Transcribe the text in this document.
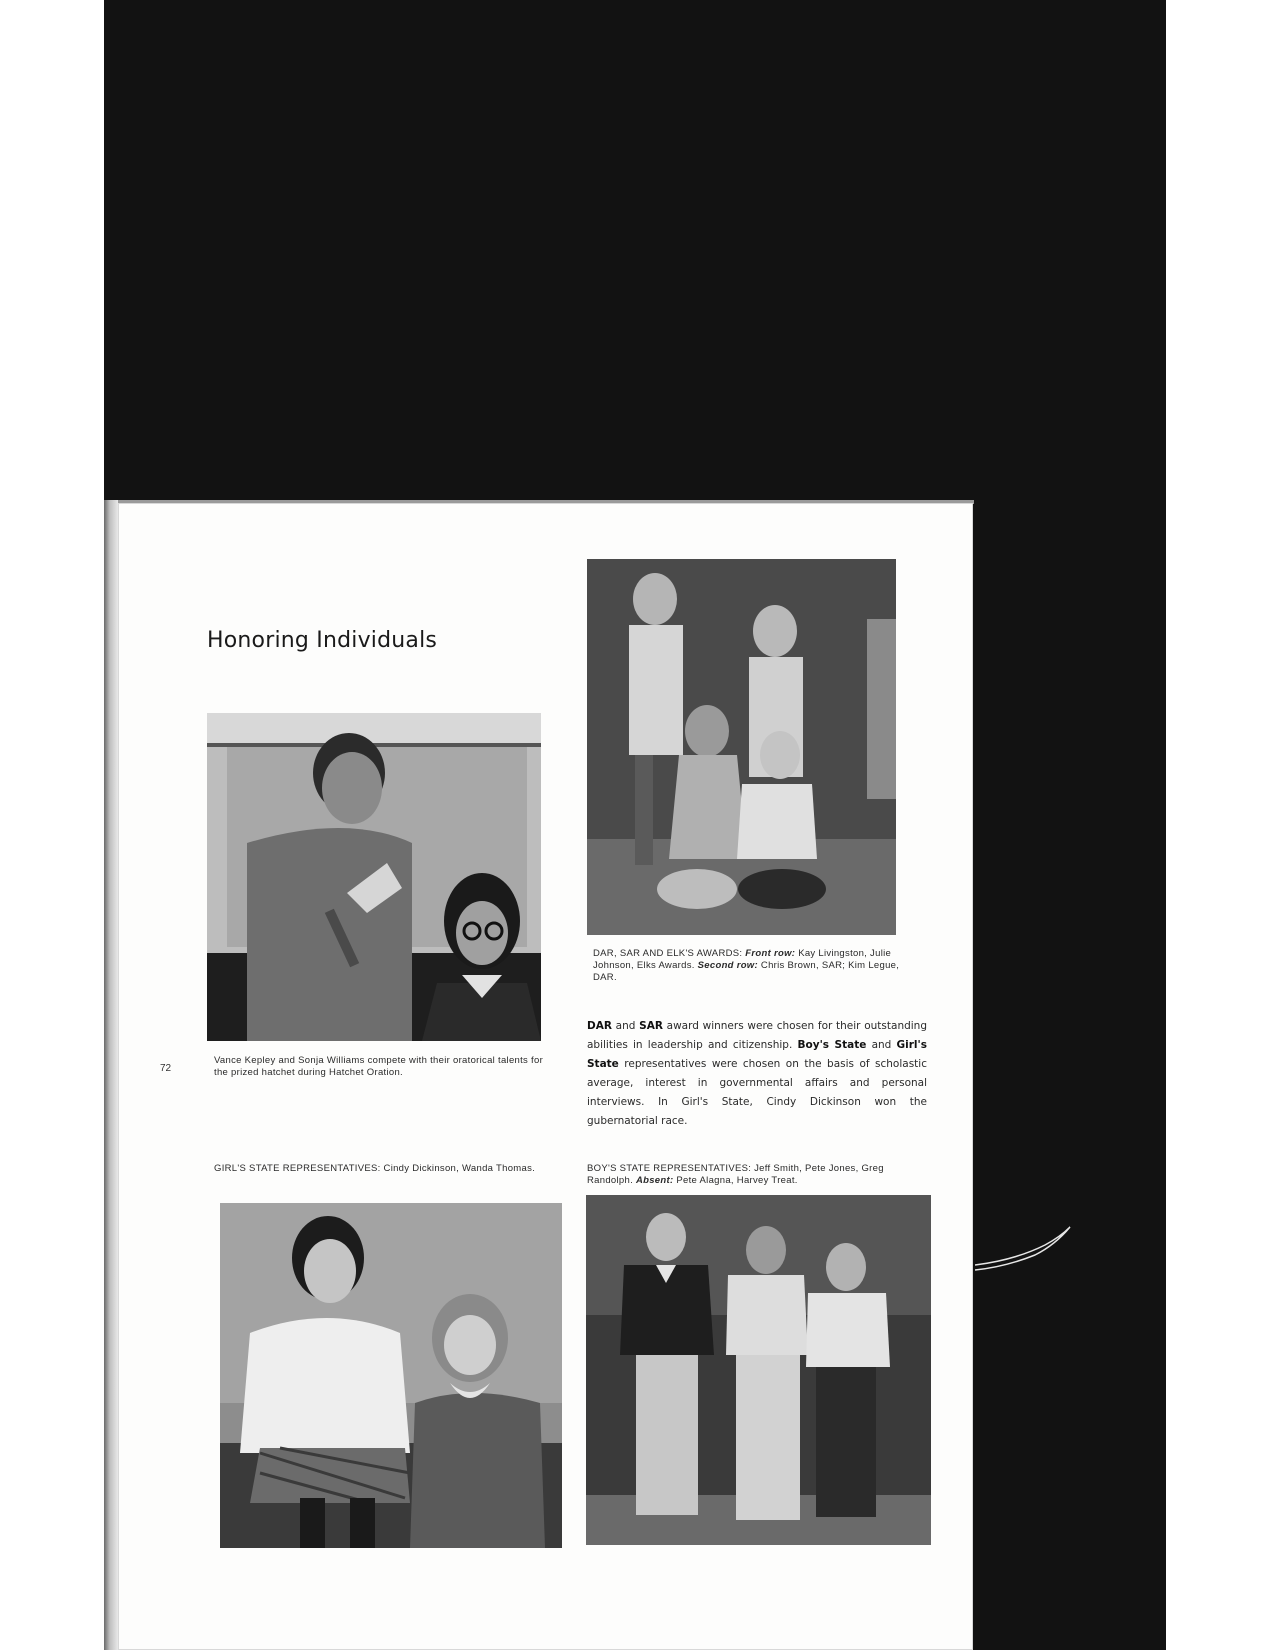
Honoring Individuals

Vance Kepley and Sonja Williams compete with their oratorical talents for the prized hatchet during Hatchet Oration.

DAR, SAR AND ELK'S AWARDS: Front row: Kay Livingston, Julie Johnson, Elks Awards. Second row: Chris Brown, SAR; Kim Legue, DAR.

72

DAR and SAR award winners were chosen for their outstanding abilities in leadership and citizenship. Boy's State and Girl's State representatives were chosen on the basis of scholastic average, interest in governmental affairs and personal interviews. In Girl's State, Cindy Dickinson won the gubernatorial race.

GIRL'S STATE REPRESENTATIVES: Cindy Dickinson, Wanda Thomas.	BOY'S STATE REPRESENTATIVES: Jeff Smith, Pete Jones, Greg Randolph. Absent: Pete Alagna, Harvey Treat.
